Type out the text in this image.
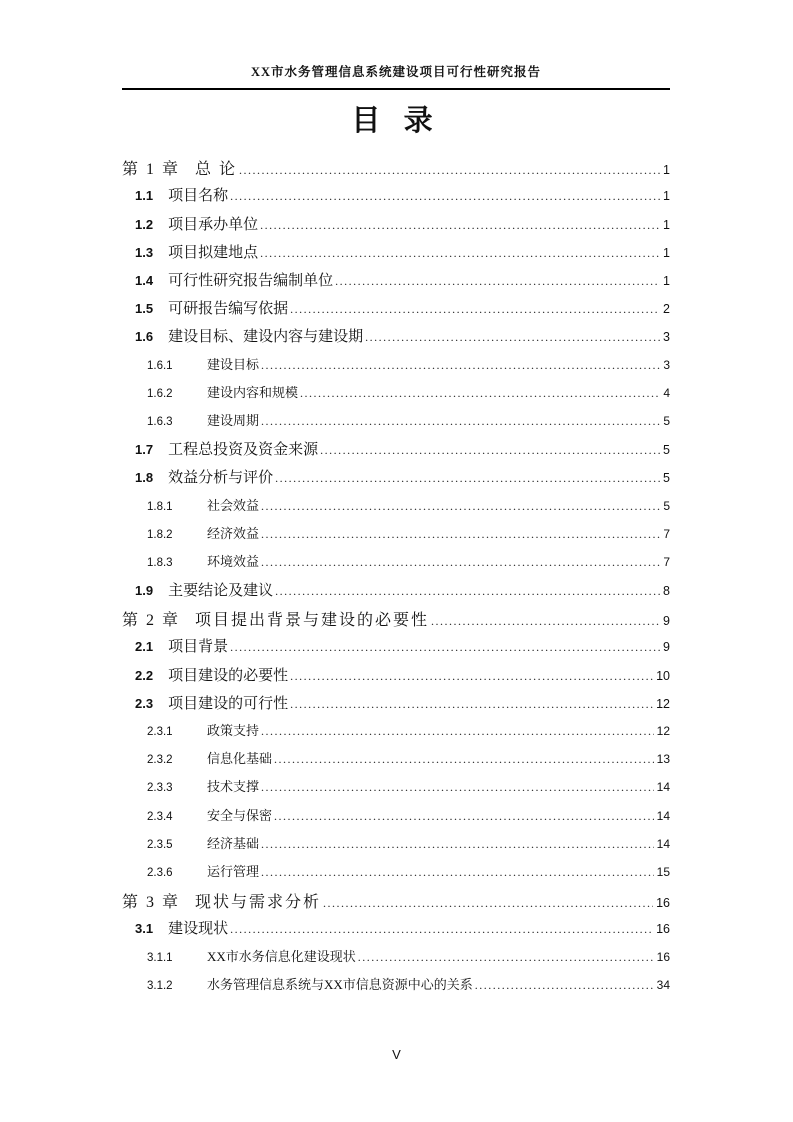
XX市水务管理信息系统建设项目可行性研究报告
目 录
第 1 章 总 论 .....	1
1.1 项目名称 .....	1
1.2 项目承办单位 .....	1
1.3 项目拟建地点 .....	1
1.4 可行性研究报告编制单位 .....	1
1.5 可研报告编写依据 .....	2
1.6 建设目标、建设内容与建设期 .....	3
1.6.1	建设目标 .....	3
1.6.2	建设内容和规模 .....	4
1.6.3	建设周期 .....	5
1.7 工程总投资及资金来源 .....	5
1.8 效益分析与评价 .....	5
1.8.1	社会效益 .....	5
1.8.2	经济效益 .....	7
1.8.3	环境效益 .....	7
1.9 主要结论及建议 .....	8
第 2 章 项目提出背景与建设的必要性 .....	9
2.1 项目背景 .....	9
2.2 项目建设的必要性 .....	10
2.3 项目建设的可行性 .....	12
2.3.1	政策支持 .....	12
2.3.2	信息化基础 .....	13
2.3.3	技术支撑 .....	14
2.3.4	安全与保密 .....	14
2.3.5	经济基础 .....	14
2.3.6	运行管理 .....	15
第 3 章 现状与需求分析 .....	16
3.1 建设现状 .....	16
3.1.1	XX市水务信息化建设现状 .....	16
3.1.2	水务管理信息系统与XX市信息资源中心的关系 .....	34
V
